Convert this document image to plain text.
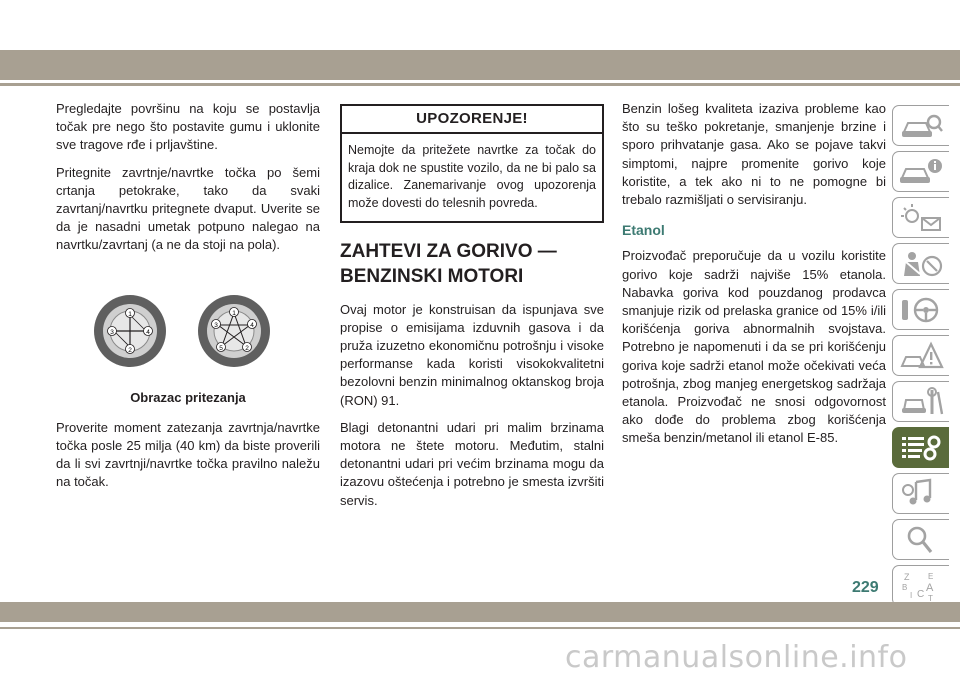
Pregledajte površinu na koju se postavlja točak pre nego što postavite gumu i uklonite sve tragove rđe i prljavštine.

Pritegnite zavrtnje/navrtke točka po šemi crtanja petokrake, tako da svaki zavrtanj/navrtku pritegnete dvaput. Uverite se da je nasadni umetak potpuno nalegao na navrtku/zavrtanj (a ne da stoji na pola).

1
2
3	4
1
2
3	4
5
Obrazac pritezanja

Proverite moment zatezanja zavrtnja/navrtke točka posle 25 milja (40 km) da biste proverili da li svi zavrtnji/navrtke točka pravilno naležu na točak.

UPOZORENJE!
Nemojte da pritežete navrtke za točak do kraja dok ne spustite vozilo, da ne bi palo sa dizalice. Zanemarivanje ovog upozorenja može dovesti do telesnih povreda.
ZAHTEVI ZA GORIVO — BENZINSKI MOTORI

Ovaj motor je konstruisan da ispunjava sve propise o emisijama izduvnih gasova i da pruža izuzetno ekonomičnu potrošnju i visoke performanse kada koristi visokokvalitetni bezolovni benzin minimalnog oktanskog broja (RON) 91.

Blagi detonantni udari pri malim brzinama motora ne štete motoru. Međutim, stalni detonantni udari pri većim brzinama mogu da izazovu oštećenja i potrebno je smesta izvršiti servis.

Benzin lošeg kvaliteta izaziva probleme kao što su teško pokretanje, smanjenje brzine i sporo prihvatanje gasa. Ako se pojave takvi simptomi, najpre promenite gorivo koje koristite, a tek ako ni to ne pomogne bi trebalo razmišljati o servisiranju.

Etanol

Proizvođač preporučuje da u vozilu koristite gorivo koje sadrži najviše 15% etanola. Nabavka goriva kod pouzdanog prodavca smanjuje rizik od prelaska granice od 15% i/ili korišćenja goriva abnormalnih svojstava. Potrebno je napomenuti i da se pri korišćenju goriva koje sadrži etanol može očekivati veća potrošnja, zbog manjeg energetskog sadržaja etanola. Proizvođač ne snosi odgovornost ako dođe do problema zbog korišćenja smeša benzin/metanol ili etanol E-85.

Z E
B A
I C T
229
carmanualsonline.info
